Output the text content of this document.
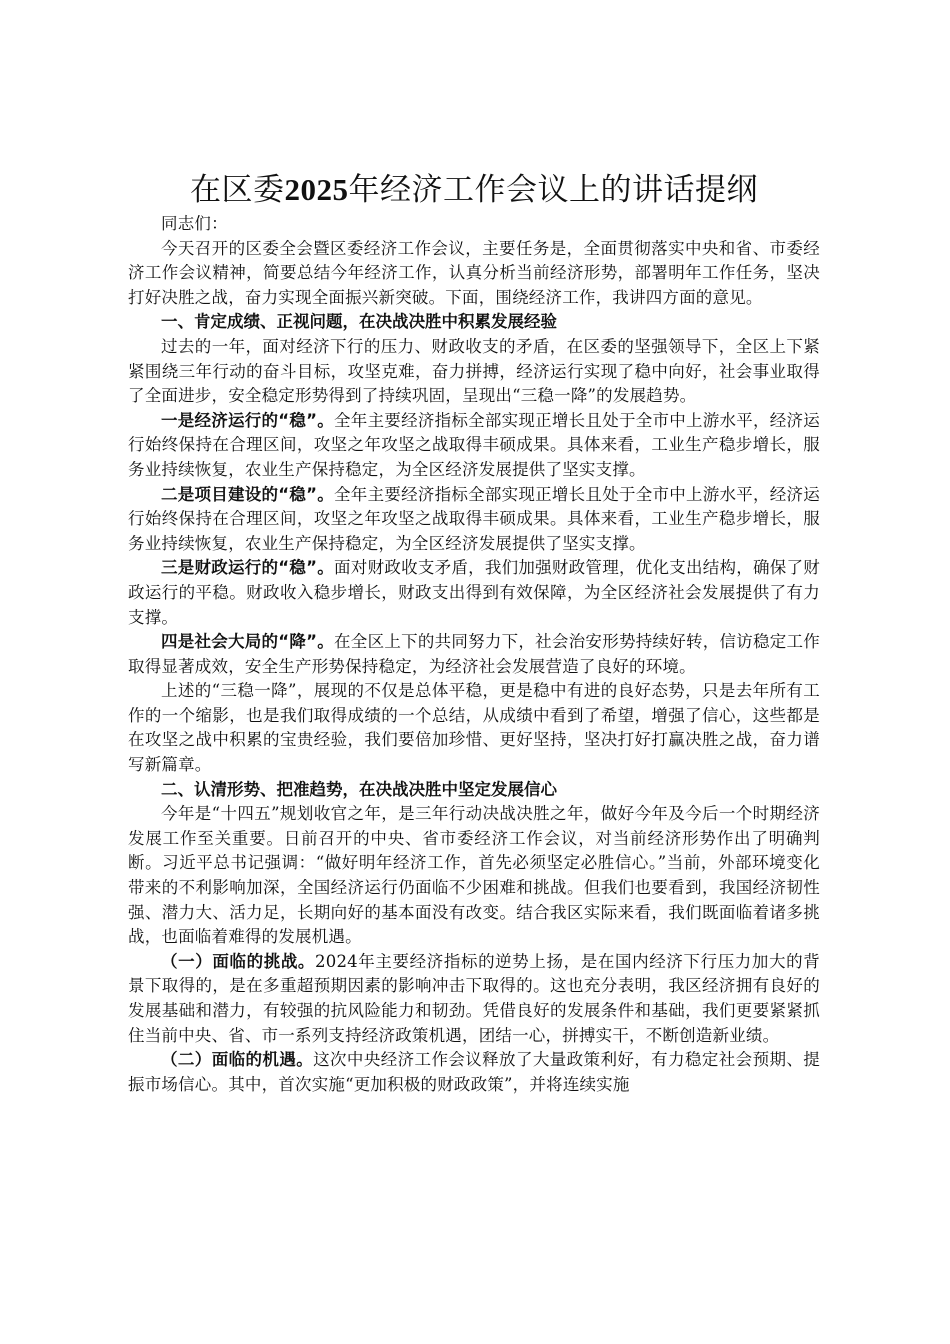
在区委2025年经济工作会议上的讲话提纲

同志们：

今天召开的区委全会暨区委经济工作会议，主要任务是，全面贯彻落实中央和省、市委经济工作会议精神，简要总结今年经济工作，认真分析当前经济形势，部署明年工作任务，坚决打好决胜之战，奋力实现全面振兴新突破。下面，围绕经济工作，我讲四方面的意见。

一、肯定成绩、正视问题，在决战决胜中积累发展经验

过去的一年，面对经济下行的压力、财政收支的矛盾，在区委的坚强领导下，全区上下紧紧围绕三年行动的奋斗目标，攻坚克难，奋力拼搏，经济运行实现了稳中向好，社会事业取得了全面进步，安全稳定形势得到了持续巩固，呈现出“三稳一降”的发展趋势。

一是经济运行的“稳”。全年主要经济指标全部实现正增长且处于全市中上游水平，经济运行始终保持在合理区间，攻坚之年攻坚之战取得丰硕成果。具体来看，工业生产稳步增长，服务业持续恢复，农业生产保持稳定，为全区经济发展提供了坚实支撑。

二是项目建设的“稳”。全年主要经济指标全部实现正增长且处于全市中上游水平，经济运行始终保持在合理区间，攻坚之年攻坚之战取得丰硕成果。具体来看，工业生产稳步增长，服务业持续恢复，农业生产保持稳定，为全区经济发展提供了坚实支撑。

三是财政运行的“稳”。面对财政收支矛盾，我们加强财政管理，优化支出结构，确保了财政运行的平稳。财政收入稳步增长，财政支出得到有效保障，为全区经济社会发展提供了有力支撑。

四是社会大局的“降”。在全区上下的共同努力下，社会治安形势持续好转，信访稳定工作取得显著成效，安全生产形势保持稳定，为经济社会发展营造了良好的环境。

上述的“三稳一降”，展现的不仅是总体平稳，更是稳中有进的良好态势，只是去年所有工作的一个缩影，也是我们取得成绩的一个总结，从成绩中看到了希望，增强了信心，这些都是在攻坚之战中积累的宝贵经验，我们要倍加珍惜、更好坚持，坚决打好打赢决胜之战，奋力谱写新篇章。

二、认清形势、把准趋势，在决战决胜中坚定发展信心

今年是“十四五”规划收官之年，是三年行动决战决胜之年，做好今年及今后一个时期经济发展工作至关重要。日前召开的中央、省市委经济工作会议，对当前经济形势作出了明确判断。习近平总书记强调：“做好明年经济工作，首先必须坚定必胜信心。”当前，外部环境变化带来的不利影响加深，全国经济运行仍面临不少困难和挑战。但我们也要看到，我国经济韧性强、潜力大、活力足，长期向好的基本面没有改变。结合我区实际来看，我们既面临着诸多挑战，也面临着难得的发展机遇。

（一）面临的挑战。2024年主要经济指标的逆势上扬，是在国内经济下行压力加大的背景下取得的，是在多重超预期因素的影响冲击下取得的。这也充分表明，我区经济拥有良好的发展基础和潜力，有较强的抗风险能力和韧劲。凭借良好的发展条件和基础，我们更要紧紧抓住当前中央、省、市一系列支持经济政策机遇，团结一心，拼搏实干，不断创造新业绩。

（二）面临的机遇。这次中央经济工作会议释放了大量政策利好，有力稳定社会预期、提振市场信心。其中，首次实施“更加积极的财政政策”，并将连续实施
